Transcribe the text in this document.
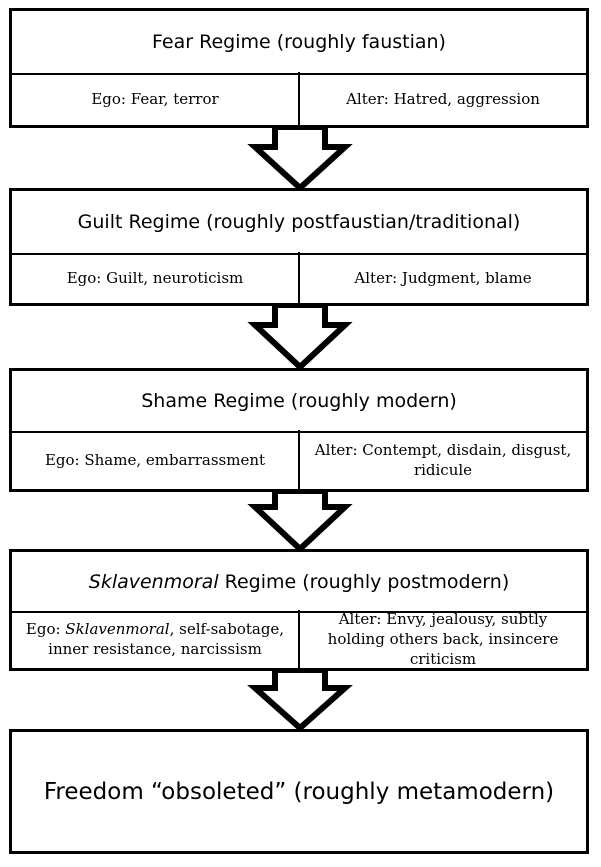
Fear Regime (roughly faustian)
Ego: Fear, terror	Alter: Hatred, aggression
Guilt Regime (roughly postfaustian/traditional)
Ego: Guilt, neuroticism	Alter: Judgment, blame
Shame Regime (roughly modern)
Ego: Shame, embarrassment
Alter: Contempt, disdain, disgust, ridicule
Sklavenmoral Regime (roughly postmodern)
Ego: Sklavenmoral, self-sabotage, inner resistance, narcissism
Alter: Envy, jealousy, subtly holding others back, insincere criticism
Freedom “obsoleted” (roughly metamodern)
